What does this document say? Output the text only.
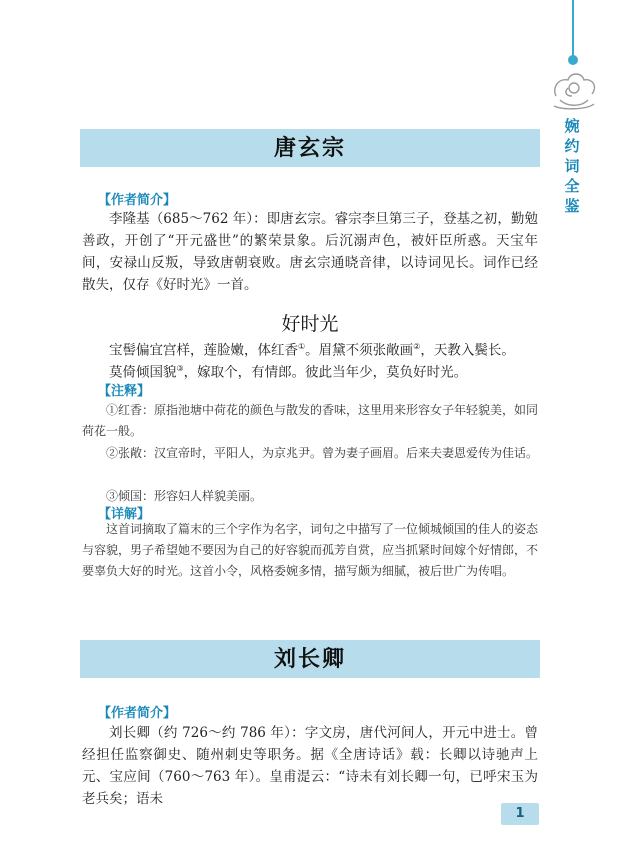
婉
约
词
全
鉴
唐玄宗
【作者简介】
李隆基（685～762 年）：即唐玄宗。睿宗李旦第三子，登基之初，勤勉善政，开创了“开元盛世”的繁荣景象。后沉溺声色，被奸臣所惑。天宝年间，安禄山反叛，导致唐朝衰败。唐玄宗通晓音律，以诗词见长。词作已经散失，仅存《好时光》一首。
好时光
宝髻偏宜宫样，莲脸嫩，体红香①。眉黛不须张敞画②，天教入鬓长。
莫倚倾国貌③，嫁取个，有情郎。彼此当年少，莫负好时光。
【注释】
①红香：原指池塘中荷花的颜色与散发的香味，这里用来形容女子年轻貌美，如同荷花一般。
②张敞：汉宣帝时，平阳人，为京兆尹。曾为妻子画眉。后来夫妻恩爱传为佳话。
③倾国：形容妇人样貌美丽。
【详解】
这首词摘取了篇末的三个字作为名字，词句之中描写了一位倾城倾国的佳人的姿态与容貌，男子希望她不要因为自己的好容貌而孤芳自赏，应当抓紧时间嫁个好情郎，不要辜负大好的时光。这首小令，风格委婉多情，描写颇为细腻，被后世广为传唱。
刘长卿
【作者简介】
刘长卿（约 726～约 786 年）：字文房，唐代河间人，开元中进士。曾经担任监察御史、随州刺史等职务。据《全唐诗话》载：长卿以诗驰声上元、宝应间（760～763 年）。皇甫湜云：“诗未有刘长卿一句，已呼宋玉为老兵矣；语未
1
